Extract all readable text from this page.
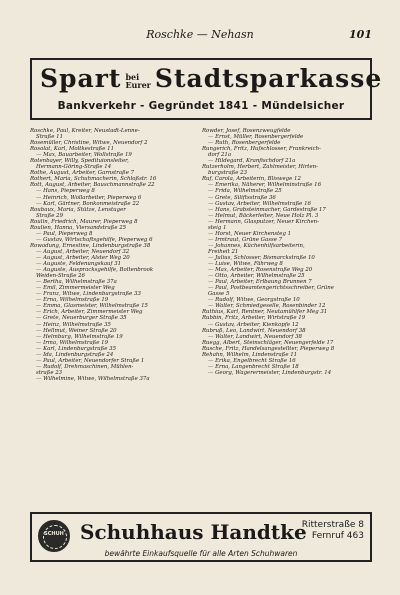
Roschke — Nehasn	101
Spart bei
Eurer Stadtsparkasse
Bankverkehr - Gegründet 1841 - Mündelsicher
Roschke, Paul, Kreiter, Neustadt-Lenne-
Straße 11
Rosemüller, Christine, Witwe, Neuendorf 2
Rosolat, Karl, Moltkestraße 11
— Max, Bauarbeiter, Wollstraße 19
Rotenbayer, Willy, Spedituionsleiter,
Hermann-Göring-Straße 14
Rothe, August, Arbeiter, Garnstraße 7
Rothert, Maria, Schuhmacherin, Schloßstr. 16
Rott, August, Arbeiter, Bauschmannstraße 22
— Hans, Pieperweg 8
— Heinrich, Wollarbeiter, Pieperweg 6
— Karl, Gärtner, Bonkonmeistraße 22
Roubaux, Maria, Stütze, Lenstuger
Straße 29
Roulin, Friedrich, Maurer, Pieperweg 8
Roulien, Hanna, Viersandstraße 25
— Paul, Pieperweg 8
— Gustav, Wirtschaftsgehilfe, Pieperweg 6
Rowadung, Ernestine, Lindenburgstraße 38
— August, Arbeiter, Neuendorf 32
— August, Arbeiter, Alster Weg 20
— Auguste, Feldenungskauf 31
— Auguste, Auspracksgehilfe, Boltenbrook
Weiden-Straße 26
— Bertha, Wilhelmstraße 37a
— Emil, Zimmermeister Weg
— Franz, Witwe, Lindenburgstraße 33
— Erna, Wilhelmstraße 19
— Emma, Glasmeister, Wilhelmstraße 15
— Erich, Arbeiter, Zimmermeister Weg
— Grete, Neuerburger Straße 35
— Heinz, Wilhelmstraße 35
— Hellmut, Weiner Straße 20
— Helmburg, Wilhelmstraße 19
— Irma, Wilhelmstraße 19
— Karl, Lindenburgstraße 35
— Ida, Lindenburgstraße 24
— Paul, Arbeiter, Neuendorfer Straße 1
— Rudolf, Drehmaschinen, Mühlen-
straße 23
— Wilhelmine, Witwe, Wilhelmstraße 37a
Rowder, Josef, Rosenzweugfelde
— Ernst, Müller, Rosenbergerfelde
— Ruth, Rosenbergerfelde
Rungerich, Fritz, Hufschlosser, Frankreich-
dorf 21a
— Hildegard, Kranfischdorf 21a
Rutzerholm, Herbert, Zahlmeister, Hirten-
burgstraße 23
Ruf, Carola, Arbeiterin, Bliswege 12
— Emerika, Näherer, Wilhelminstraße 16
— Frida, Wilhelmstraße 25
— Grete, Siliftsstraße 36
— Gustav, Arbeiter, Wilhelmstraße 16
— Hans, Grabsteinmacher, Gardestraße 17
— Helmut, Bäckerleiter, Neue Holz Pl. 3
— Hermann, Glasputzer, Neuer Kirchen-
steig 1
— Horst, Neuer Kirchensteg 1
— Irmtraut, Grüne Gasse 7
— Johannes, Küchenhilfsarbeiterin,
Freiheit 21
— Julius, Schlosser, Bismarckstraße 10
— Luise, Witwe, Fährweg 8
— Max, Arbeiter, Rosenstraße Weg 20
— Otto, Arbeiter, Wilhelmstraße 25
— Paul, Arbeiter, Erlbaung Brunnen 7
— Paul, Postbeamtengerichtsschreiber, Grüne
Gasse 5
— Rudolf, Witwe, Georgstraße 10
— Walter, Schmiedgeselle, Rosenbinder 12
Ruthius, Karl, Rentner, Neutamühlfer Meg 31
Rubbin, Fritz, Arbeiter, Wirtstraße 19
— Gustav, Arbeiter, Kienkopfe 12
Rubruß, Leo, Landwirt, Neuendorf 38
— Walter, Landwirt, Neuendorf 38
Ruegg, Albert, Steinschläger, Neuengerfelde 17
Rusche, Fritz, Handelsangestellter, Pieperweg 8
Rehahn, Wilhelm, Lindenstraße 11
— Erika, Engelbrecht Straße 16
— Erna, Langenbrecht Straße 18
— Georg, Wagerermeister, Lindenburgstr. 14
SCHUH Schuhhaus Handtke
Ritterstraße 8
Fernruf 463
bewährte Einkaufsquelle für alle Arten Schuhwaren
